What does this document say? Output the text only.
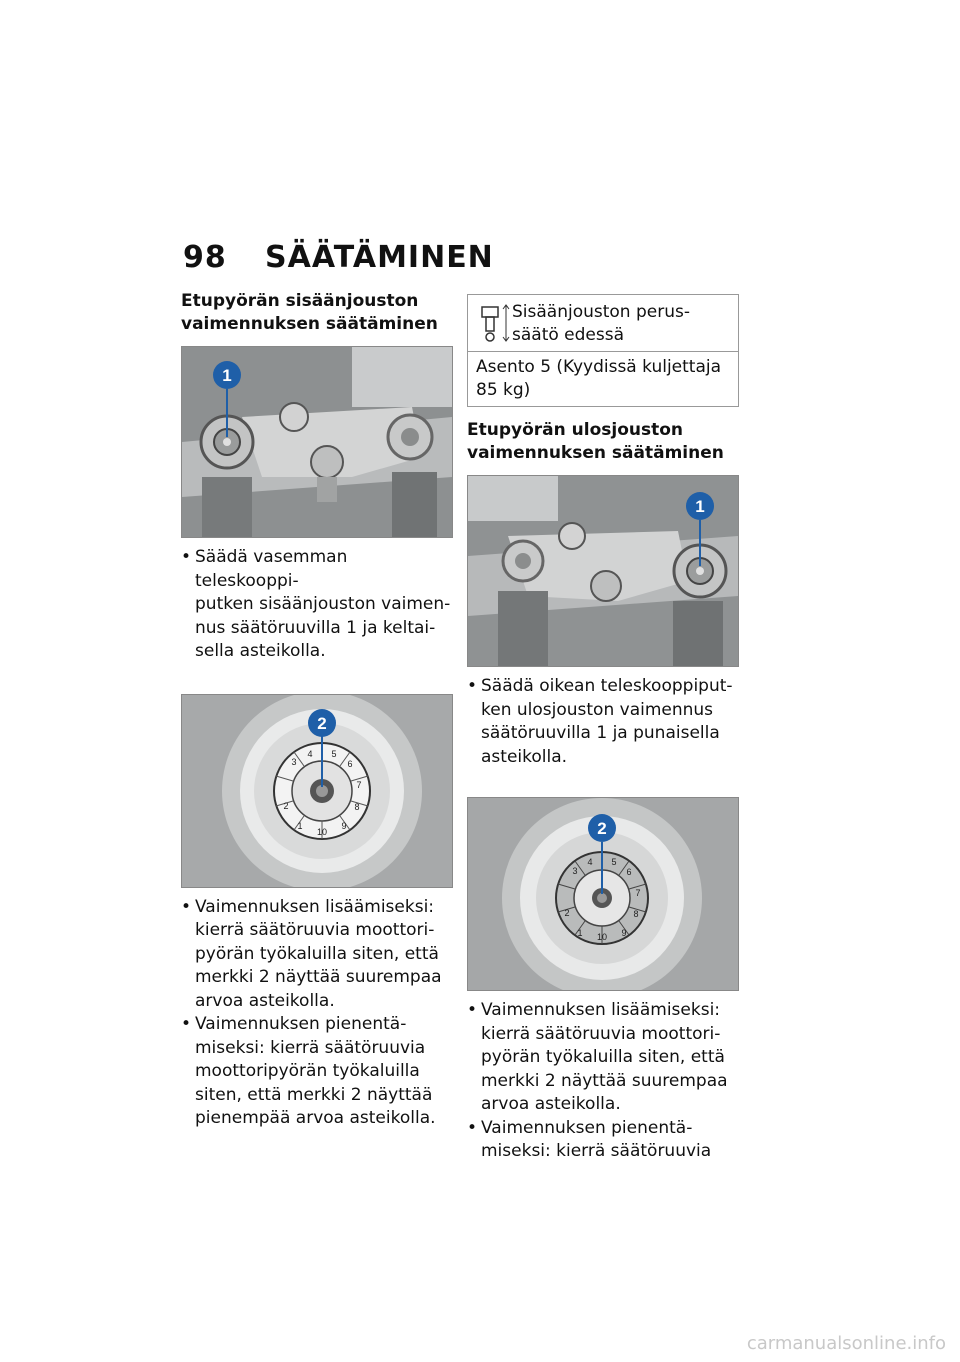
98 SÄÄTÄMINEN
Etupyörän sisäänjouston
vaimennuksen säätäminen
1
• Säädä vasemman teleskooppi-
putken sisäänjouston vaimen-
nus säätöruuvilla 1 ja keltai-
sella asteikolla.
3
4 5
6
7
8
9
10
1
2
2
• Vaimennuksen lisäämiseksi:
kierrä säätöruuvia moottori-
pyörän työkaluilla siten, että
merkki 2 näyttää suurempaa
arvoa asteikolla.
• Vaimennuksen pienentä-
miseksi: kierrä säätöruuvia
moottoripyörän työkaluilla
siten, että merkki 2 näyttää
pienempää arvoa asteikolla.
Sisäänjouston perus-
säätö edessä
Asento 5 (Kyydissä kuljettaja
85 kg)
Etupyörän ulosjouston
vaimennuksen säätäminen
1
• Säädä oikean teleskooppiput-
ken ulosjouston vaimennus
säätöruuvilla 1 ja punaisella
asteikolla.
3
4 5
6
7
8
9
10
1
2
2
• Vaimennuksen lisäämiseksi:
kierrä säätöruuvia moottori-
pyörän työkaluilla siten, että
merkki 2 näyttää suurempaa
arvoa asteikolla.
• Vaimennuksen pienentä-
miseksi: kierrä säätöruuvia
carmanualsonline.info
